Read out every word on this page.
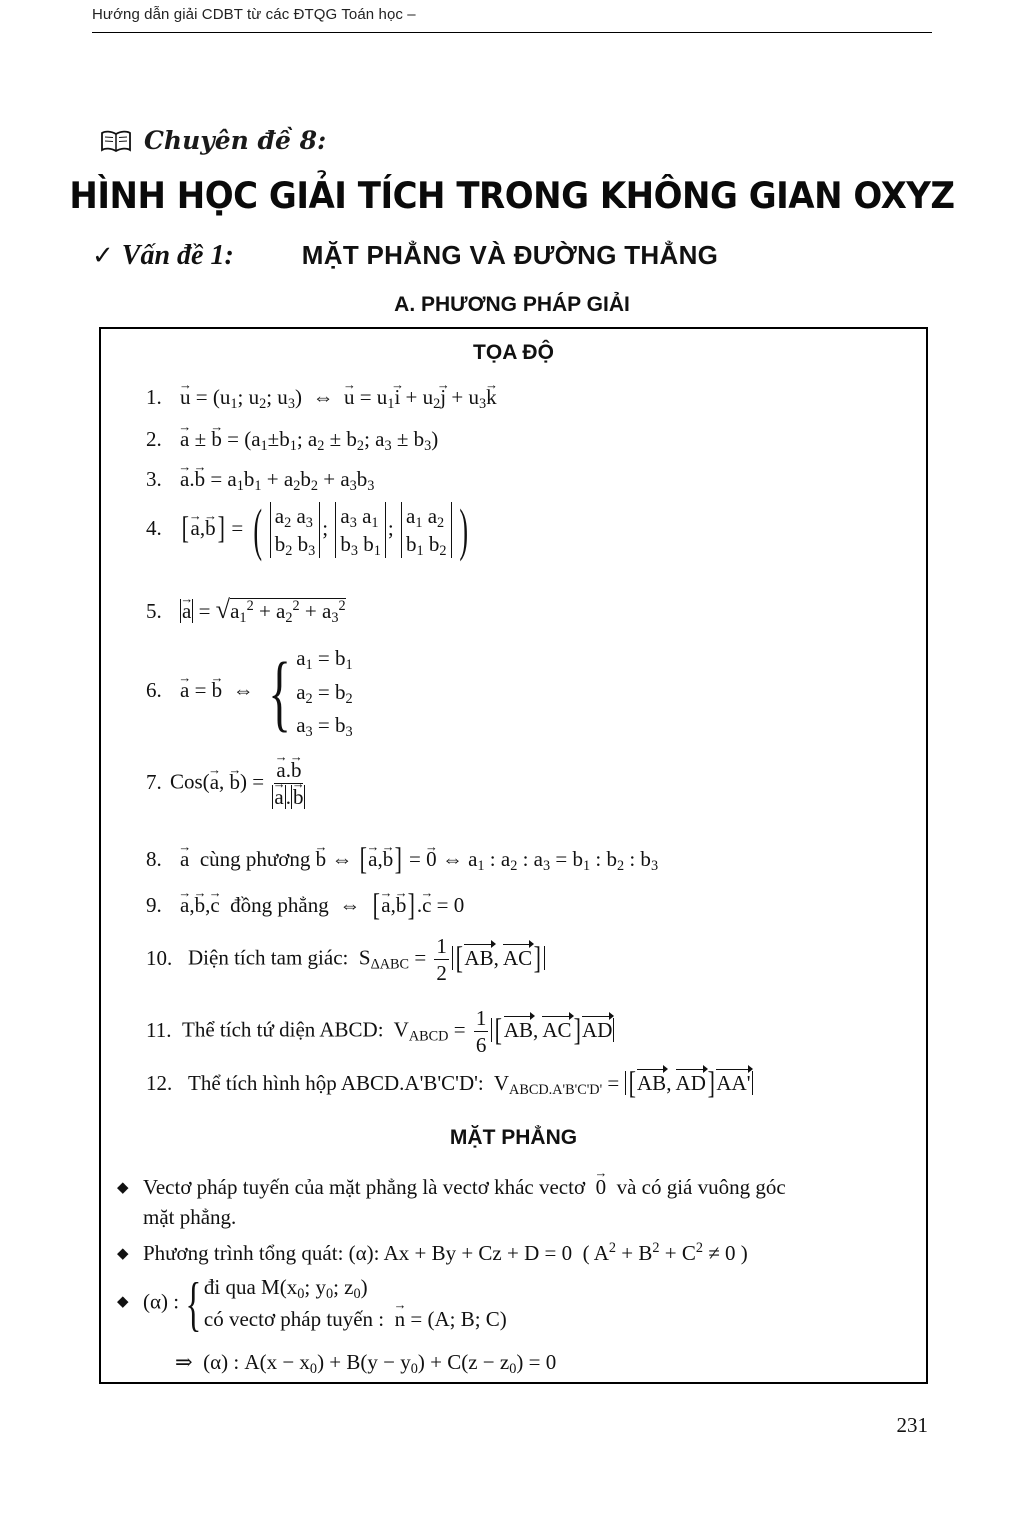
Hướng dẫn giải CDBT từ các ĐTQG Toán học –
Chuyên đề 8:
HÌNH HỌC GIẢI TÍCH TRONG KHÔNG GIAN OXYZ
✓ Vấn đề 1:	MẶT PHẲNG VÀ ĐƯỜNG THẲNG
A. PHƯƠNG PHÁP GIẢI
TỌA ĐỘ
$1.\to u = (u_1$; $u_2$; $u_3$)  ⇔  → $u = u_1\to i + u_2\to j + u_3\to k$
2.→ a ± → $b = (a_1\pm b_1$; $a_2 \pm b_2$; $a_3 \pm b_3$)
$3.\to a.\to b = a_1b_1 + a_2b_2 + a_3b_3$
4. [→ a,→ b] = ( $a_2$ $a_3$
$b_2$ $b_3$
;
$a_3$ $a_1$
$b_3$ $b_1$
;
$a_1$ $a_2$
$b_1$ $b_2$ )
$5.\to a = √a_1^2 + a_2^2 + a_3^2$
6.→ a = → b  ⇔ { $a_1 = b_1$
$a_2 = b_2$
$a_3 = b_3$
7. Cos(→ a, → b) =
→ a.→ b
→ a.→ b
8.→ a cùng phương → b ⇔ [→ a,→ b] = → 0 ⇔ $a_1$ : $a_2$ : $a_3 = b_1$ : $b_2$ : $b_3$
9.→ a,→ b,→ c đồng phẳng  ⇔  [→ a,→ b].→ c = 0
10. Diện tích tam giác:  $S_{\Delta ABC} = \frac{1}{2} [AB$, AC]
11. Thể tích tứ diện ABCD:  $V_{ABCD} = \frac{1}{6} [AB$, AC]AD
12. Thể tích hình hộp ABCD.A'B'C'D':  $V_{ABCD.A'B'C'D'} = [AB$, AD]AA'
MẶT PHẲNG
◆ Vectơ pháp tuyến của mặt phẳng là vectơ khác vectơ  → 0 và có giá vuông góc
mặt phẳng.
◆ Phương trình tổng quát: (α): Ax + By + Cz + D = 0  ( $A^2 + B^2 + C^2 \ne 0$ )
◆ (α) : { đi qua $M(x_0$; $y_0$; $z_0$)
có vectơ pháp tuyến :  → n = (A; B; C)
⇒  (α) : $A(x - x_0) + B(y - y_0) + C(z - z_0) = 0$
231
